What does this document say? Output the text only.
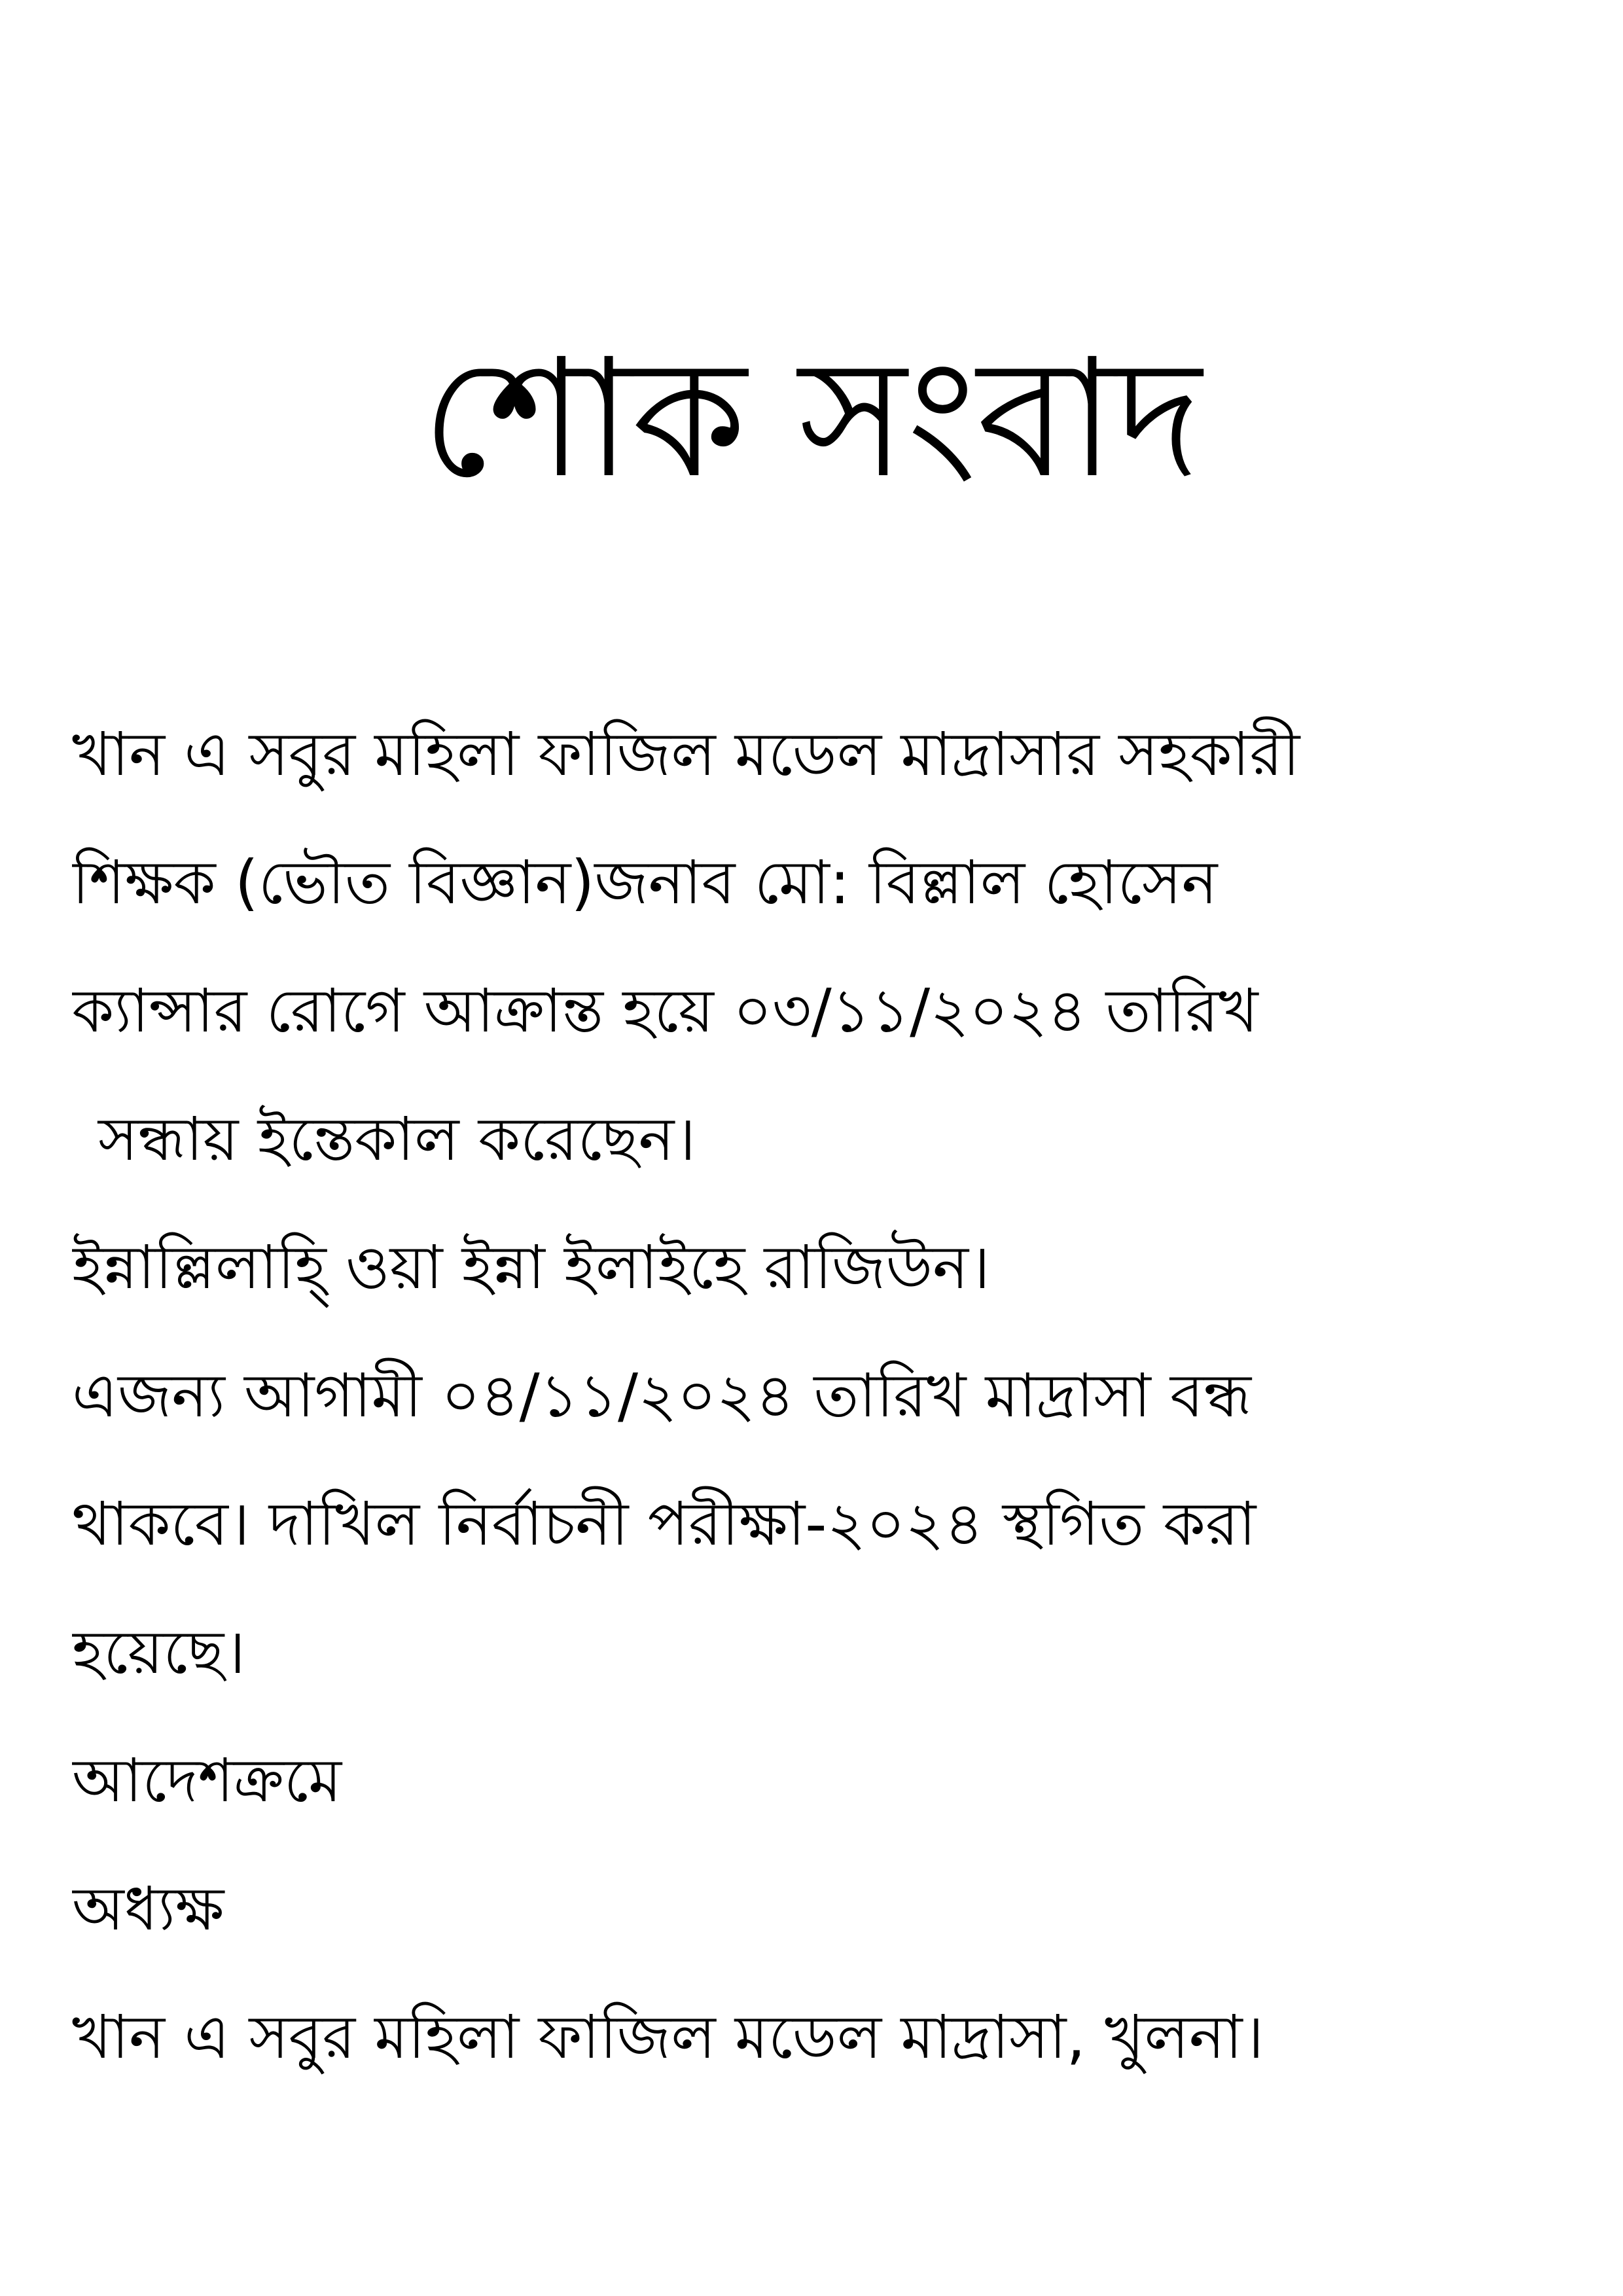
শোক সংবাদ
খান এ সবুর মহিলা ফাজিল মডেল মাদ্রাসার সহকারী
শিক্ষক (ভৌত বিজ্ঞান)জনাব মো: বিল্লাল হোসেন
ক্যান্সার রোগে আক্রান্ত হয়ে ০৩/১১/২০২৪ তারিখ
সন্ধায় ইন্তেকাল করেছেন।
ইন্নাল্লিলাহি্ ওয়া ইন্না ইলাইহে রাজিউন।
এজন্য আগামী ০৪/১১/২০২৪ তারিখ মাদ্রাসা বন্ধ
থাকবে। দাখিল নির্বাচনী পরীক্ষা-২০২৪ স্থগিত করা
হয়েছে।
আদেশক্রমে
অধ্যক্ষ
খান এ সবুর মহিলা ফাজিল মডেল মাদ্রাসা, খুলনা।
